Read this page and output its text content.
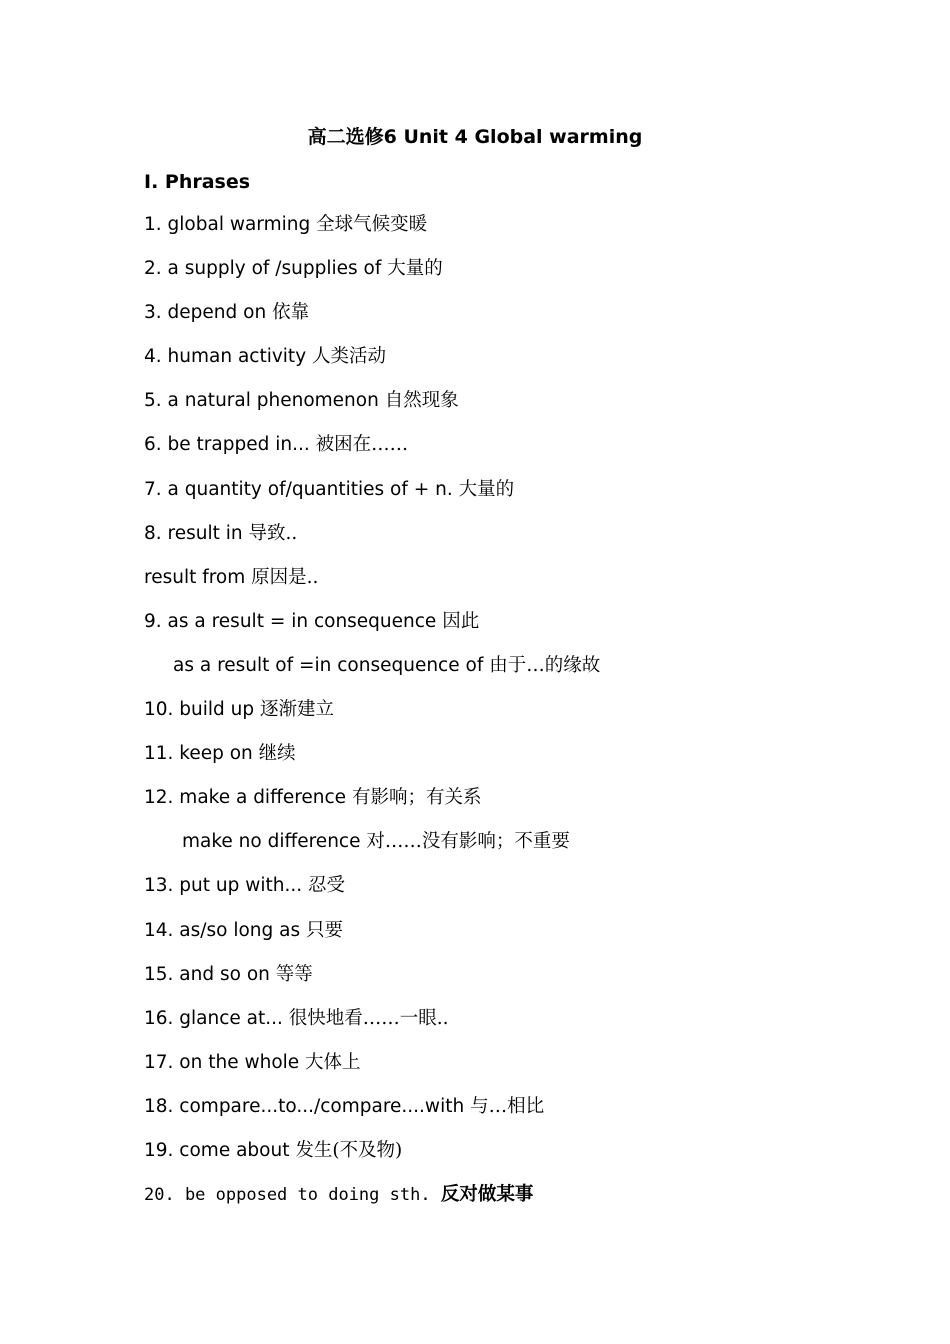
高二选修6 Unit 4 Global warming
I. Phrases
1. global warming 全球气候变暖
2. a supply of /supplies of 大量的
3. depend on 依靠
4. human activity 人类活动
5. a natural phenomenon 自然现象
6. be trapped in... 被困在……
7. a quantity of/quantities of + n. 大量的
8. result in 导致..
result from 原因是..
9. as a result = in consequence 因此
as a result of =in consequence of 由于…的缘故
10. build up 逐渐建立
11. keep on 继续
12. make a difference 有影响；有关系
make no difference 对……没有影响；不重要
13. put up with... 忍受
14. as/so long as 只要
15. and so on 等等
16. glance at... 很快地看……一眼..
17. on the whole 大体上
18. compare...to.../compare....with 与…相比
19. come about 发生(不及物)
20. be opposed to doing sth. 反对做某事
